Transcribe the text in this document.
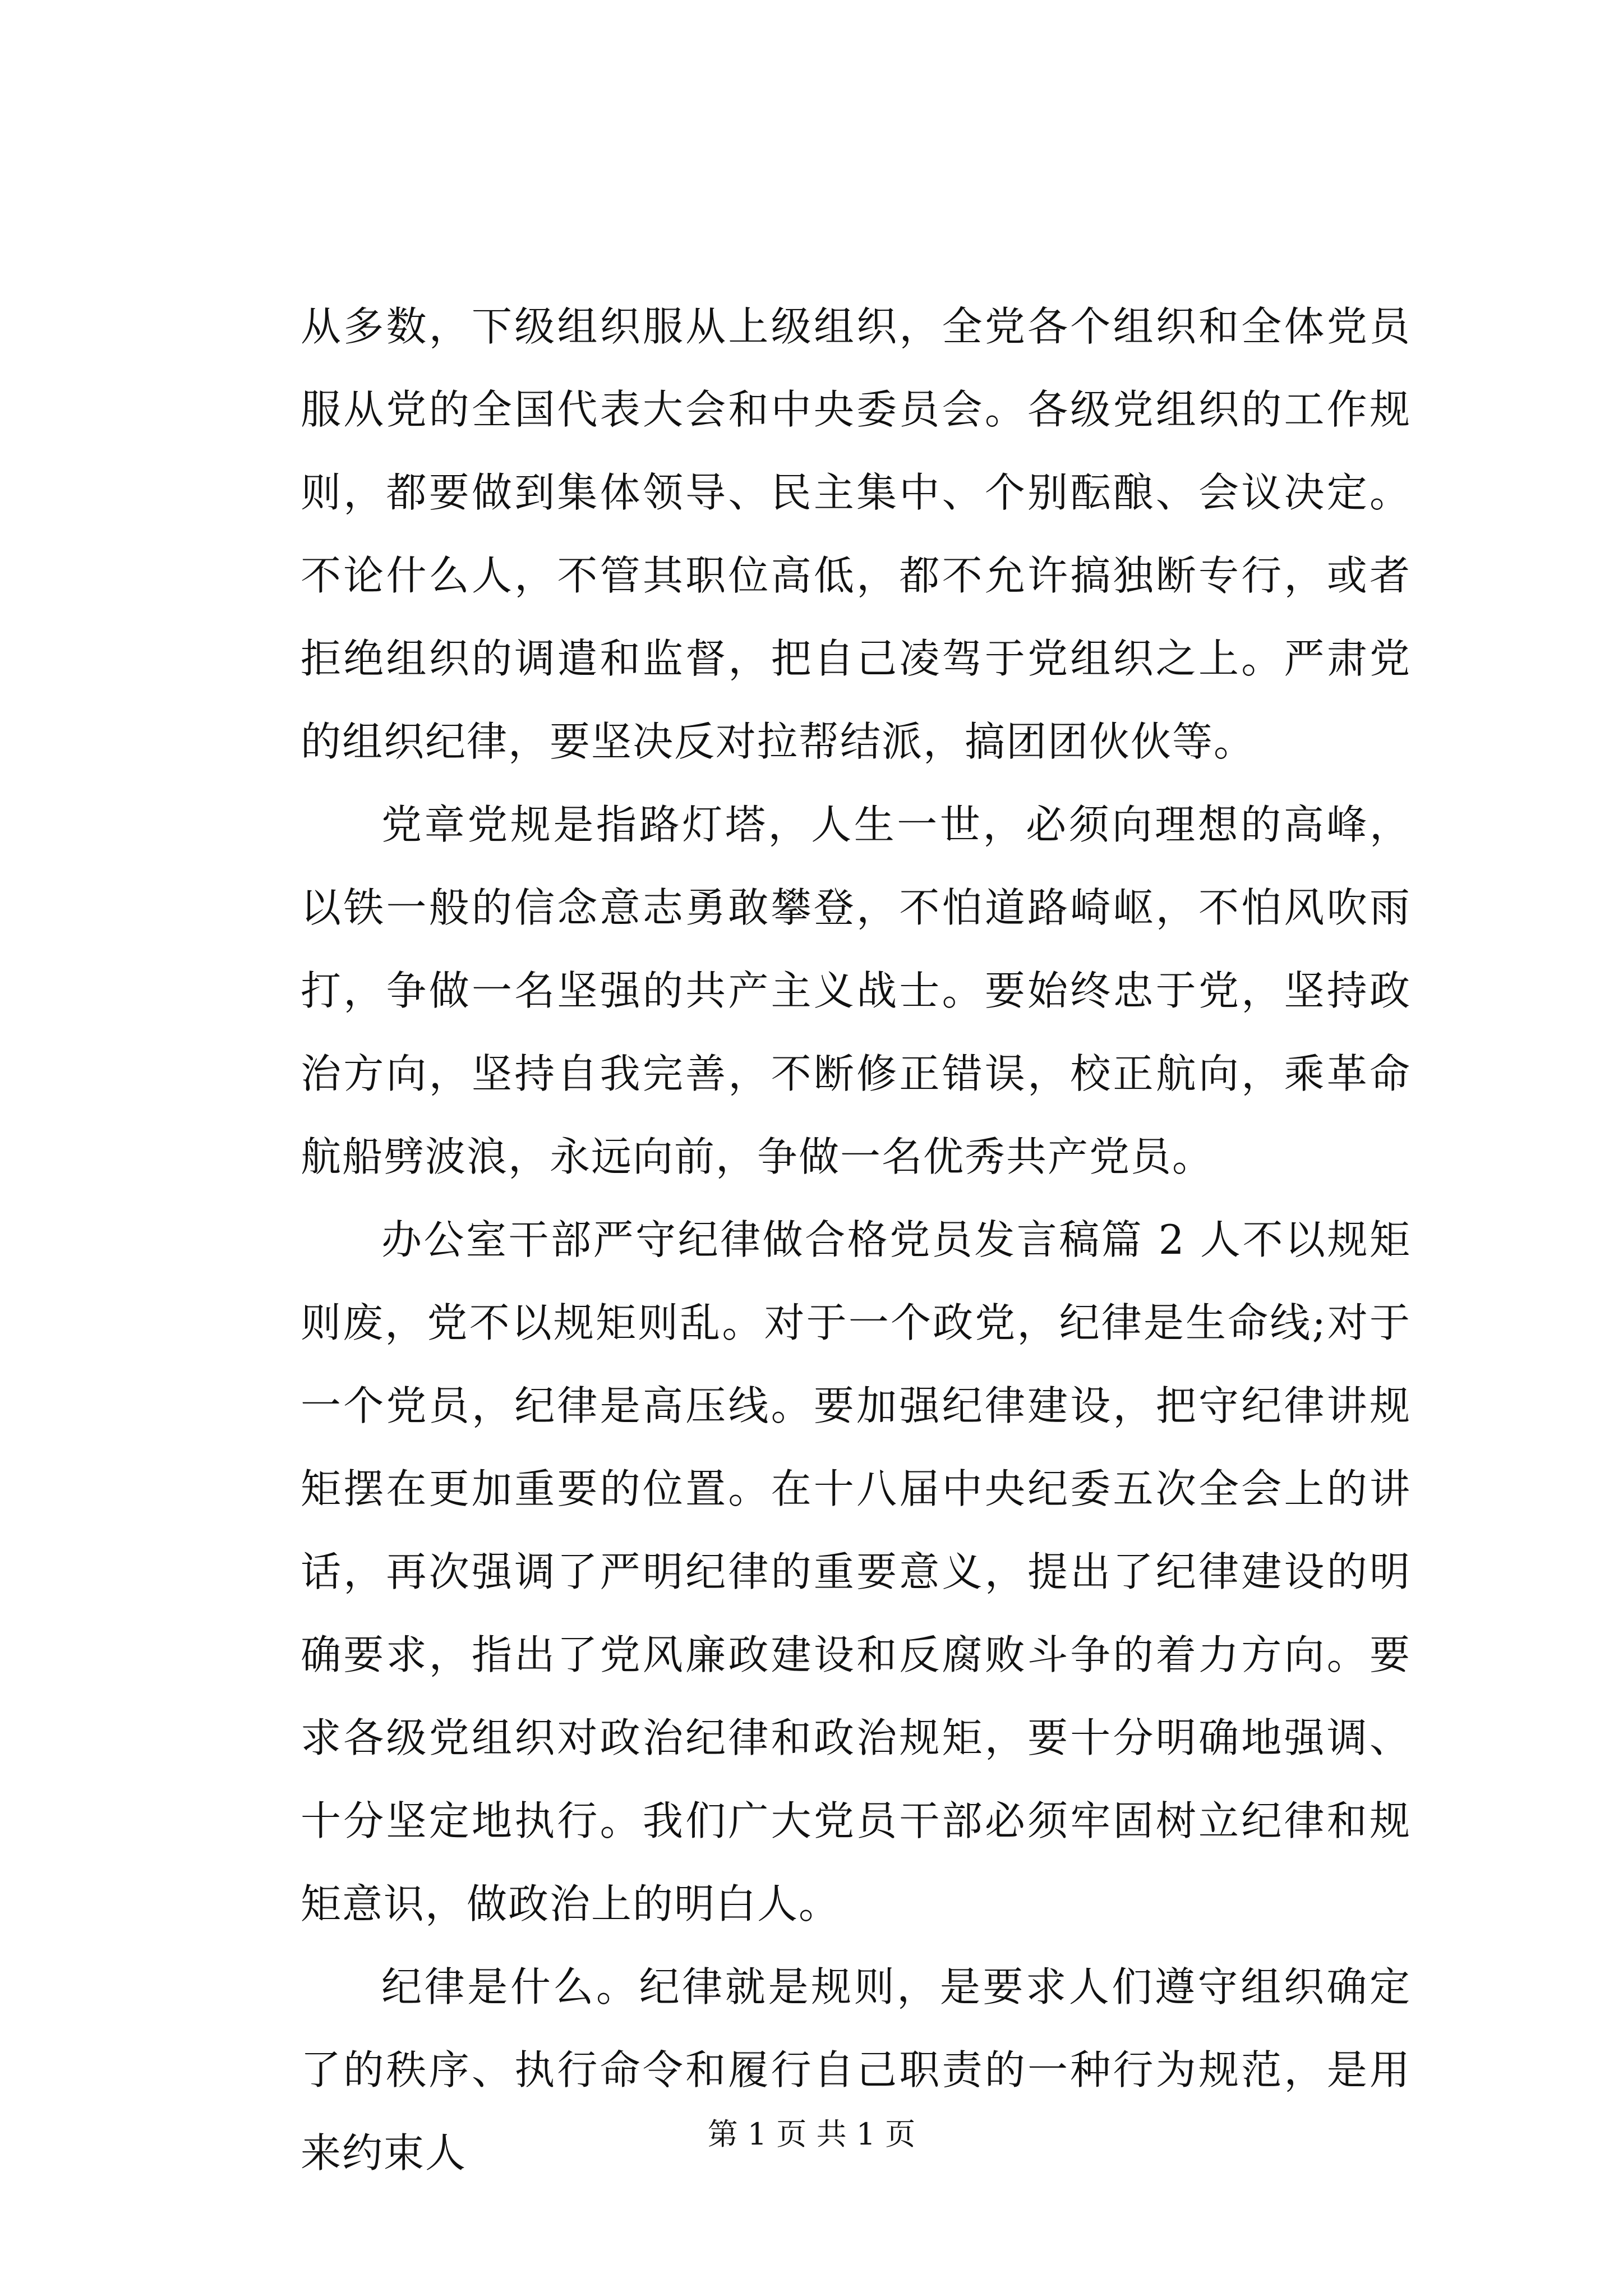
从多数，下级组织服从上级组织，全党各个组织和全体党员服从党的全国代表大会和中央委员会。各级党组织的工作规则，都要做到集体领导、民主集中、个别酝酿、会议决定。不论什么人，不管其职位高低，都不允许搞独断专行，或者拒绝组织的调遣和监督，把自己凌驾于党组织之上。严肃党的组织纪律，要坚决反对拉帮结派，搞团团伙伙等。

党章党规是指路灯塔，人生一世，必须向理想的高峰，以铁一般的信念意志勇敢攀登，不怕道路崎岖，不怕风吹雨打，争做一名坚强的共产主义战士。要始终忠于党，坚持政治方向，坚持自我完善，不断修正错误，校正航向，乘革命航船劈波浪，永远向前，争做一名优秀共产党员。

办公室干部严守纪律做合格党员发言稿篇 2 人不以规矩则废，党不以规矩则乱。对于一个政党，纪律是生命线;对于一个党员，纪律是高压线。要加强纪律建设，把守纪律讲规矩摆在更加重要的位置。在十八届中央纪委五次全会上的讲话，再次强调了严明纪律的重要意义，提出了纪律建设的明确要求，指出了党风廉政建设和反腐败斗争的着力方向。要求各级党组织对政治纪律和政治规矩，要十分明确地强调、十分坚定地执行。我们广大党员干部必须牢固树立纪律和规矩意识，做政治上的明白人。

纪律是什么。纪律就是规则，是要求人们遵守组织确定了的秩序、执行命令和履行自己职责的一种行为规范，是用来约束人	第 1 页 共 1 页
